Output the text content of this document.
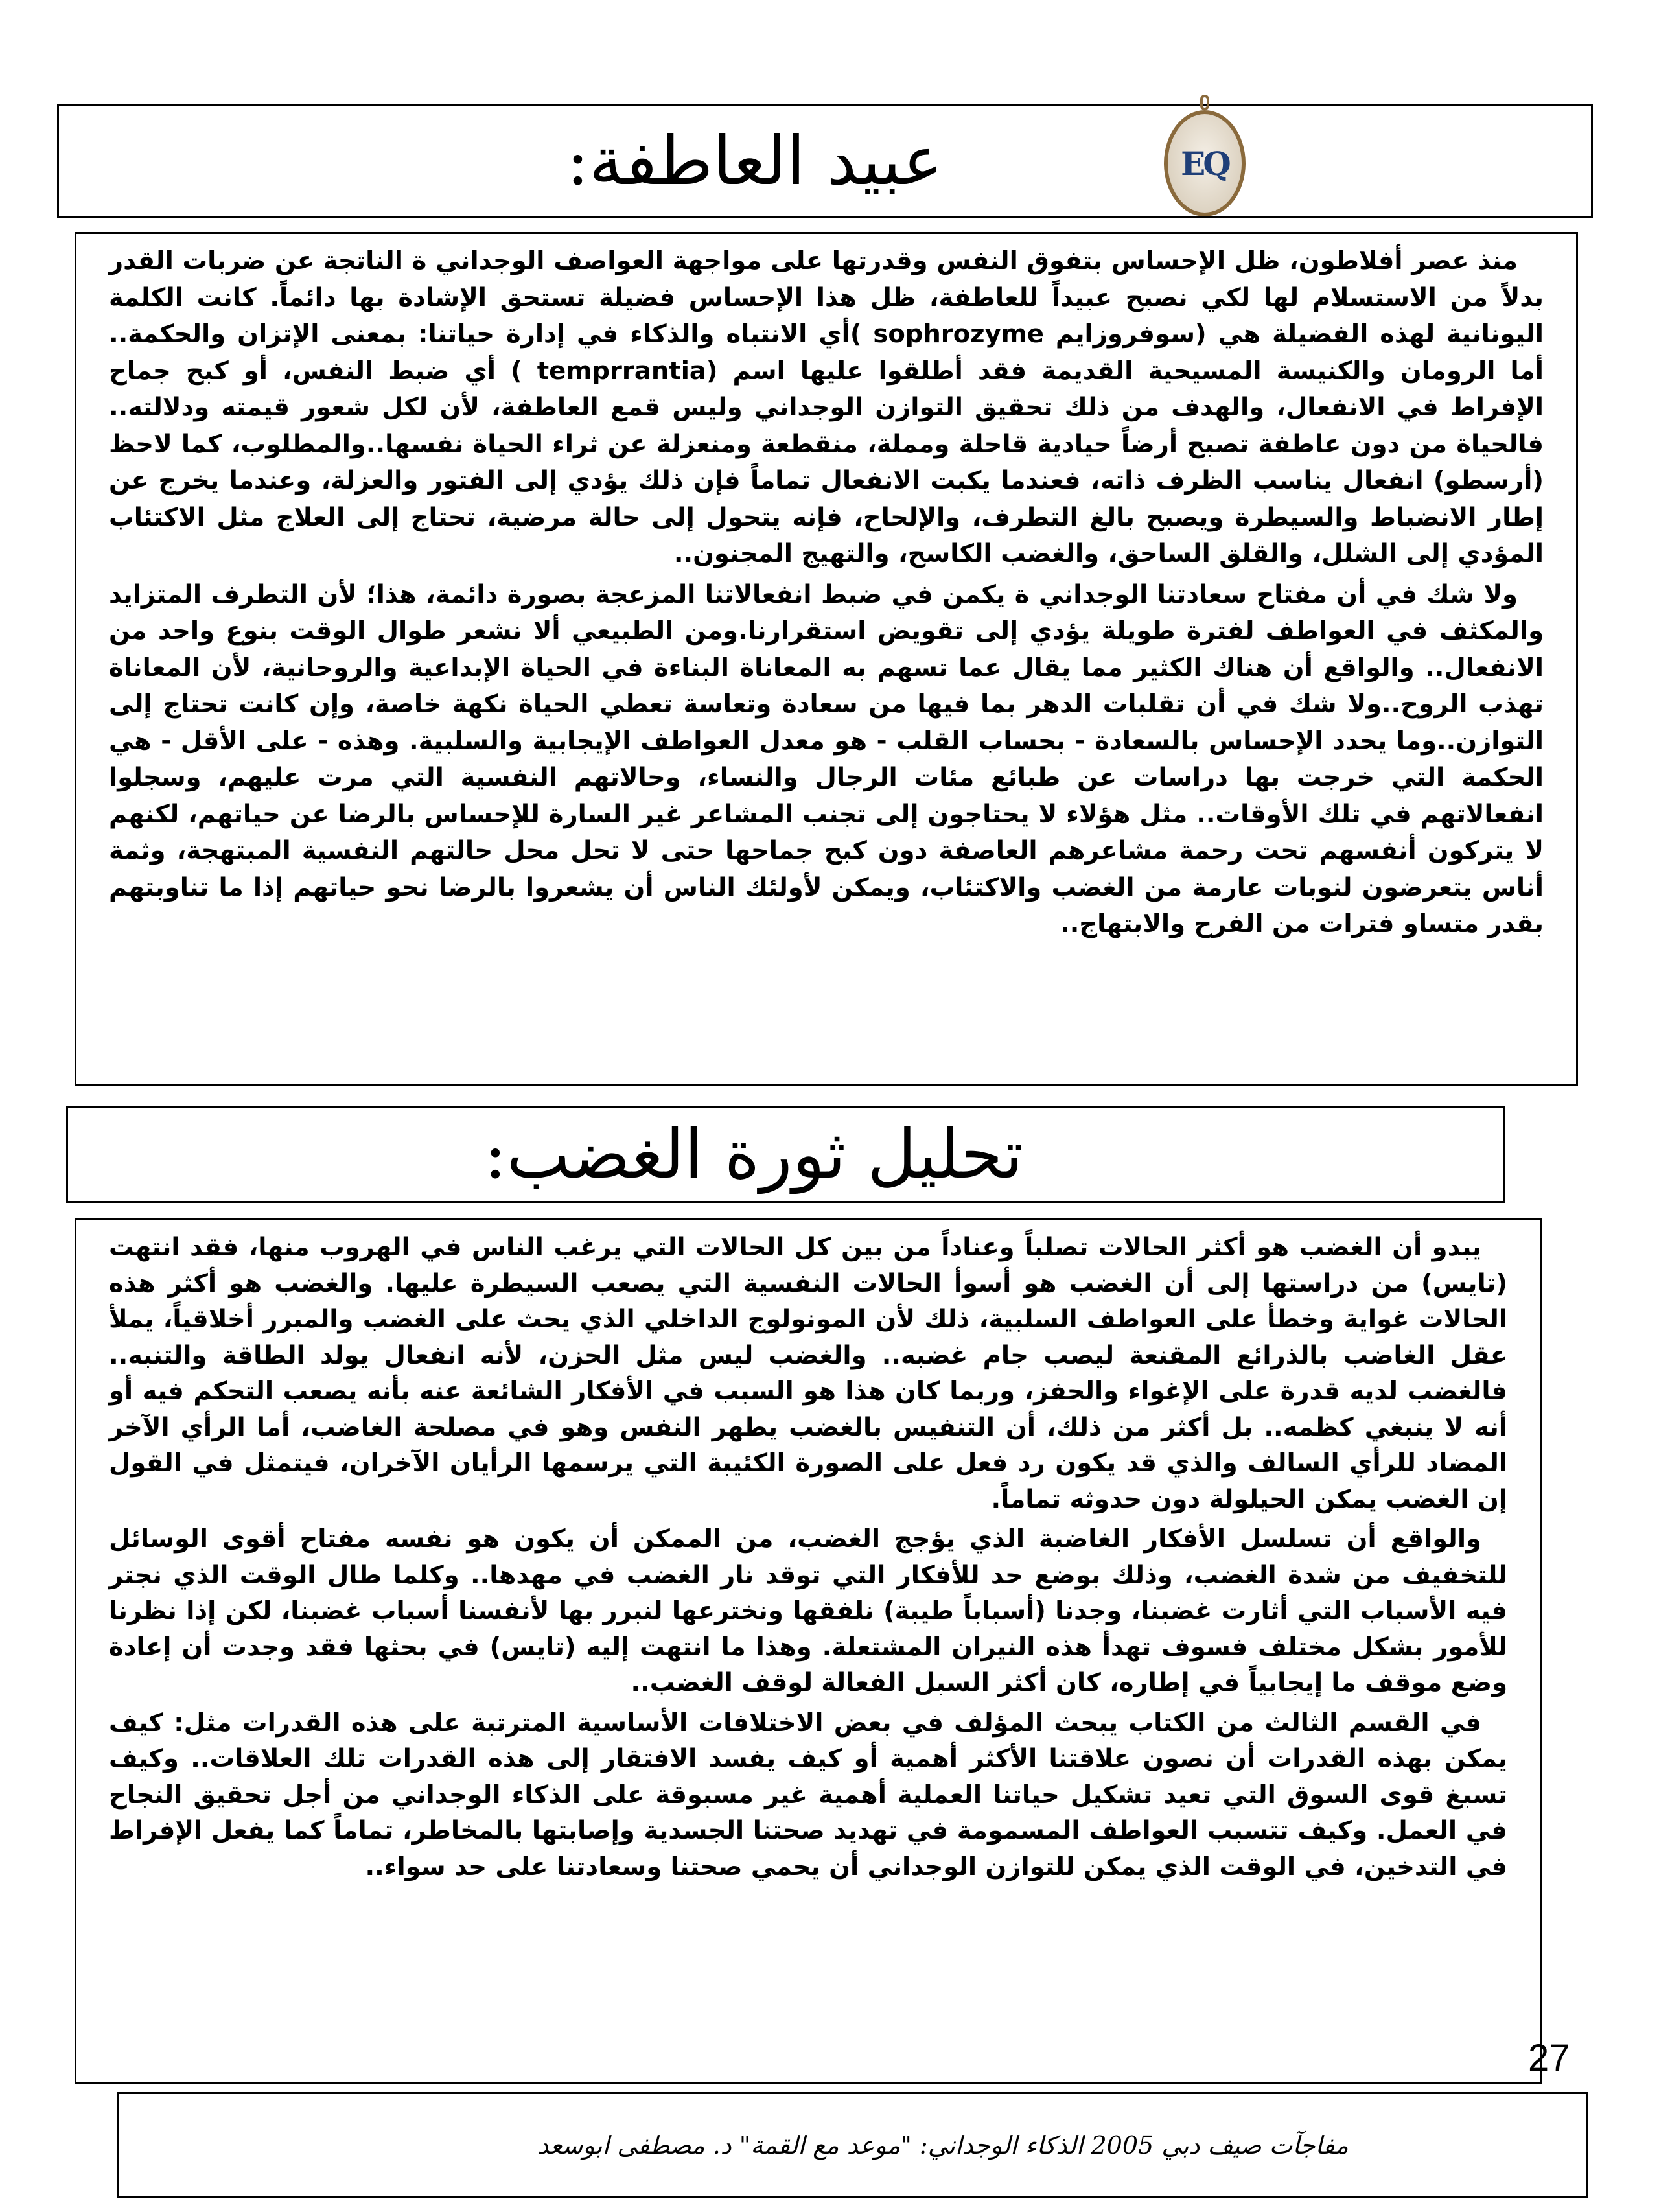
عبيد العاطفة:	EQ

منذ عصر أفلاطون، ظل الإحساس بتفوق النفس وقدرتها على مواجهة العواصف الوجداني ة الناتجة عن ضربات القدر بدلاً من الاستسلام لها لكي نصبح عبيداً للعاطفة، ظل هذا الإحساس فضيلة تستحق الإشادة بها دائماً. كانت الكلمة اليونانية لهذه الفضيلة هي (سوفروزايم sophrozyme )أي الانتباه والذكاء في إدارة حياتنا: بمعنى الإتزان والحكمة.. أما الرومان والكنيسة المسيحية القديمة فقد أطلقوا عليها اسم (temprrantia ) أي ضبط النفس، أو كبح جماح الإفراط في الانفعال، والهدف من ذلك تحقيق التوازن الوجداني وليس قمع العاطفة، لأن لكل شعور قيمته ودلالته.. فالحياة من دون عاطفة تصبح أرضاً حيادية قاحلة ومملة، منقطعة ومنعزلة عن ثراء الحياة نفسها..والمطلوب، كما لاحظ (أرسطو) انفعال يناسب الظرف ذاته، فعندما يكبت الانفعال تماماً فإن ذلك يؤدي إلى الفتور والعزلة، وعندما يخرج عن إطار الانضباط والسيطرة ويصبح بالغ التطرف، والإلحاح، فإنه يتحول إلى حالة مرضية، تحتاج إلى العلاج مثل الاكتئاب المؤدي إلى الشلل، والقلق الساحق، والغضب الكاسح، والتهيج المجنون..

ولا شك في أن مفتاح سعادتنا الوجداني ة يكمن في ضبط انفعالاتنا المزعجة بصورة دائمة، هذا؛ لأن التطرف المتزايد والمكثف في العواطف لفترة طويلة يؤدي إلى تقويض استقرارنا.ومن الطبيعي ألا نشعر طوال الوقت بنوع واحد من الانفعال.. والواقع أن هناك الكثير مما يقال عما تسهم به المعاناة البناءة في الحياة الإبداعية والروحانية، لأن المعاناة تهذب الروح..ولا شك في أن تقلبات الدهر بما فيها من سعادة وتعاسة تعطي الحياة نكهة خاصة، وإن كانت تحتاج إلى التوازن..وما يحدد الإحساس بالسعادة - بحساب القلب - هو معدل العواطف الإيجابية والسلبية. وهذه - على الأقل - هي الحكمة التي خرجت بها دراسات عن طبائع مئات الرجال والنساء، وحالاتهم النفسية التي مرت عليهم، وسجلوا انفعالاتهم في تلك الأوقات.. مثل هؤلاء لا يحتاجون إلى تجنب المشاعر غير السارة للإحساس بالرضا عن حياتهم، لكنهم لا يتركون أنفسهم تحت رحمة مشاعرهم العاصفة دون كبح جماحها حتى لا تحل محل حالتهم النفسية المبتهجة، وثمة أناس يتعرضون لنوبات عارمة من الغضب والاكتئاب، ويمكن لأولئك الناس أن يشعروا بالرضا نحو حياتهم إذا ما تناوبتهم بقدر متساو فترات من الفرح والابتهاج..

تحليل ثورة الغضب:

يبدو أن الغضب هو أكثر الحالات تصلباً وعناداً من بين كل الحالات التي يرغب الناس في الهروب منها، فقد انتهت (تايس) من دراستها إلى أن الغضب هو أسوأ الحالات النفسية التي يصعب السيطرة عليها. والغضب هو أكثر هذه الحالات غواية وخطأ على العواطف السلبية، ذلك لأن المونولوج الداخلي الذي يحث على الغضب والمبرر أخلاقياً، يملأ عقل الغاضب بالذرائع المقنعة ليصب جام غضبه.. والغضب ليس مثل الحزن، لأنه انفعال يولد الطاقة والتنبه.. فالغضب لديه قدرة على الإغواء والحفز، وربما كان هذا هو السبب في الأفكار الشائعة عنه بأنه يصعب التحكم فيه أو أنه لا ينبغي كظمه.. بل أكثر من ذلك، أن التنفيس بالغضب يطهر النفس وهو في مصلحة الغاضب، أما الرأي الآخر المضاد للرأي السالف والذي قد يكون رد فعل على الصورة الكئيبة التي يرسمها الرأيان الآخران، فيتمثل في القول إن الغضب يمكن الحيلولة دون حدوثه تماماً.

والواقع أن تسلسل الأفكار الغاضبة الذي يؤجج الغضب، من الممكن أن يكون هو نفسه مفتاح أقوى الوسائل للتخفيف من شدة الغضب، وذلك بوضع حد للأفكار التي توقد نار الغضب في مهدها.. وكلما طال الوقت الذي نجتر فيه الأسباب التي أثارت غضبنا، وجدنا (أسباباً طيبة) نلفقها ونخترعها لنبرر بها لأنفسنا أسباب غضبنا، لكن إذا نظرنا للأمور بشكل مختلف فسوف تهدأ هذه النيران المشتعلة. وهذا ما انتهت إليه (تايس) في بحثها فقد وجدت أن إعادة وضع موقف ما إيجابياً في إطاره، كان أكثر السبل الفعالة لوقف الغضب..

في القسم الثالث من الكتاب يبحث المؤلف في بعض الاختلافات الأساسية المترتبة على هذه القدرات مثل: كيف يمكن بهذه القدرات أن نصون علاقتنا الأكثر أهمية أو كيف يفسد الافتقار إلى هذه القدرات تلك العلاقات.. وكيف تسبغ قوى السوق التي تعيد تشكيل حياتنا العملية أهمية غير مسبوقة على الذكاء الوجداني من أجل تحقيق النجاح في العمل. وكيف تتسبب العواطف المسمومة في تهديد صحتنا الجسدية وإصابتها بالمخاطر، تماماً كما يفعل الإفراط في التدخين، في الوقت الذي يمكن للتوازن الوجداني أن يحمي صحتنا وسعادتنا على حد سواء..

27
مفاجآت صيف دبي 2005 الذكاء الوجداني: "موعد مع القمة" د. مصطفى ابوسعد
